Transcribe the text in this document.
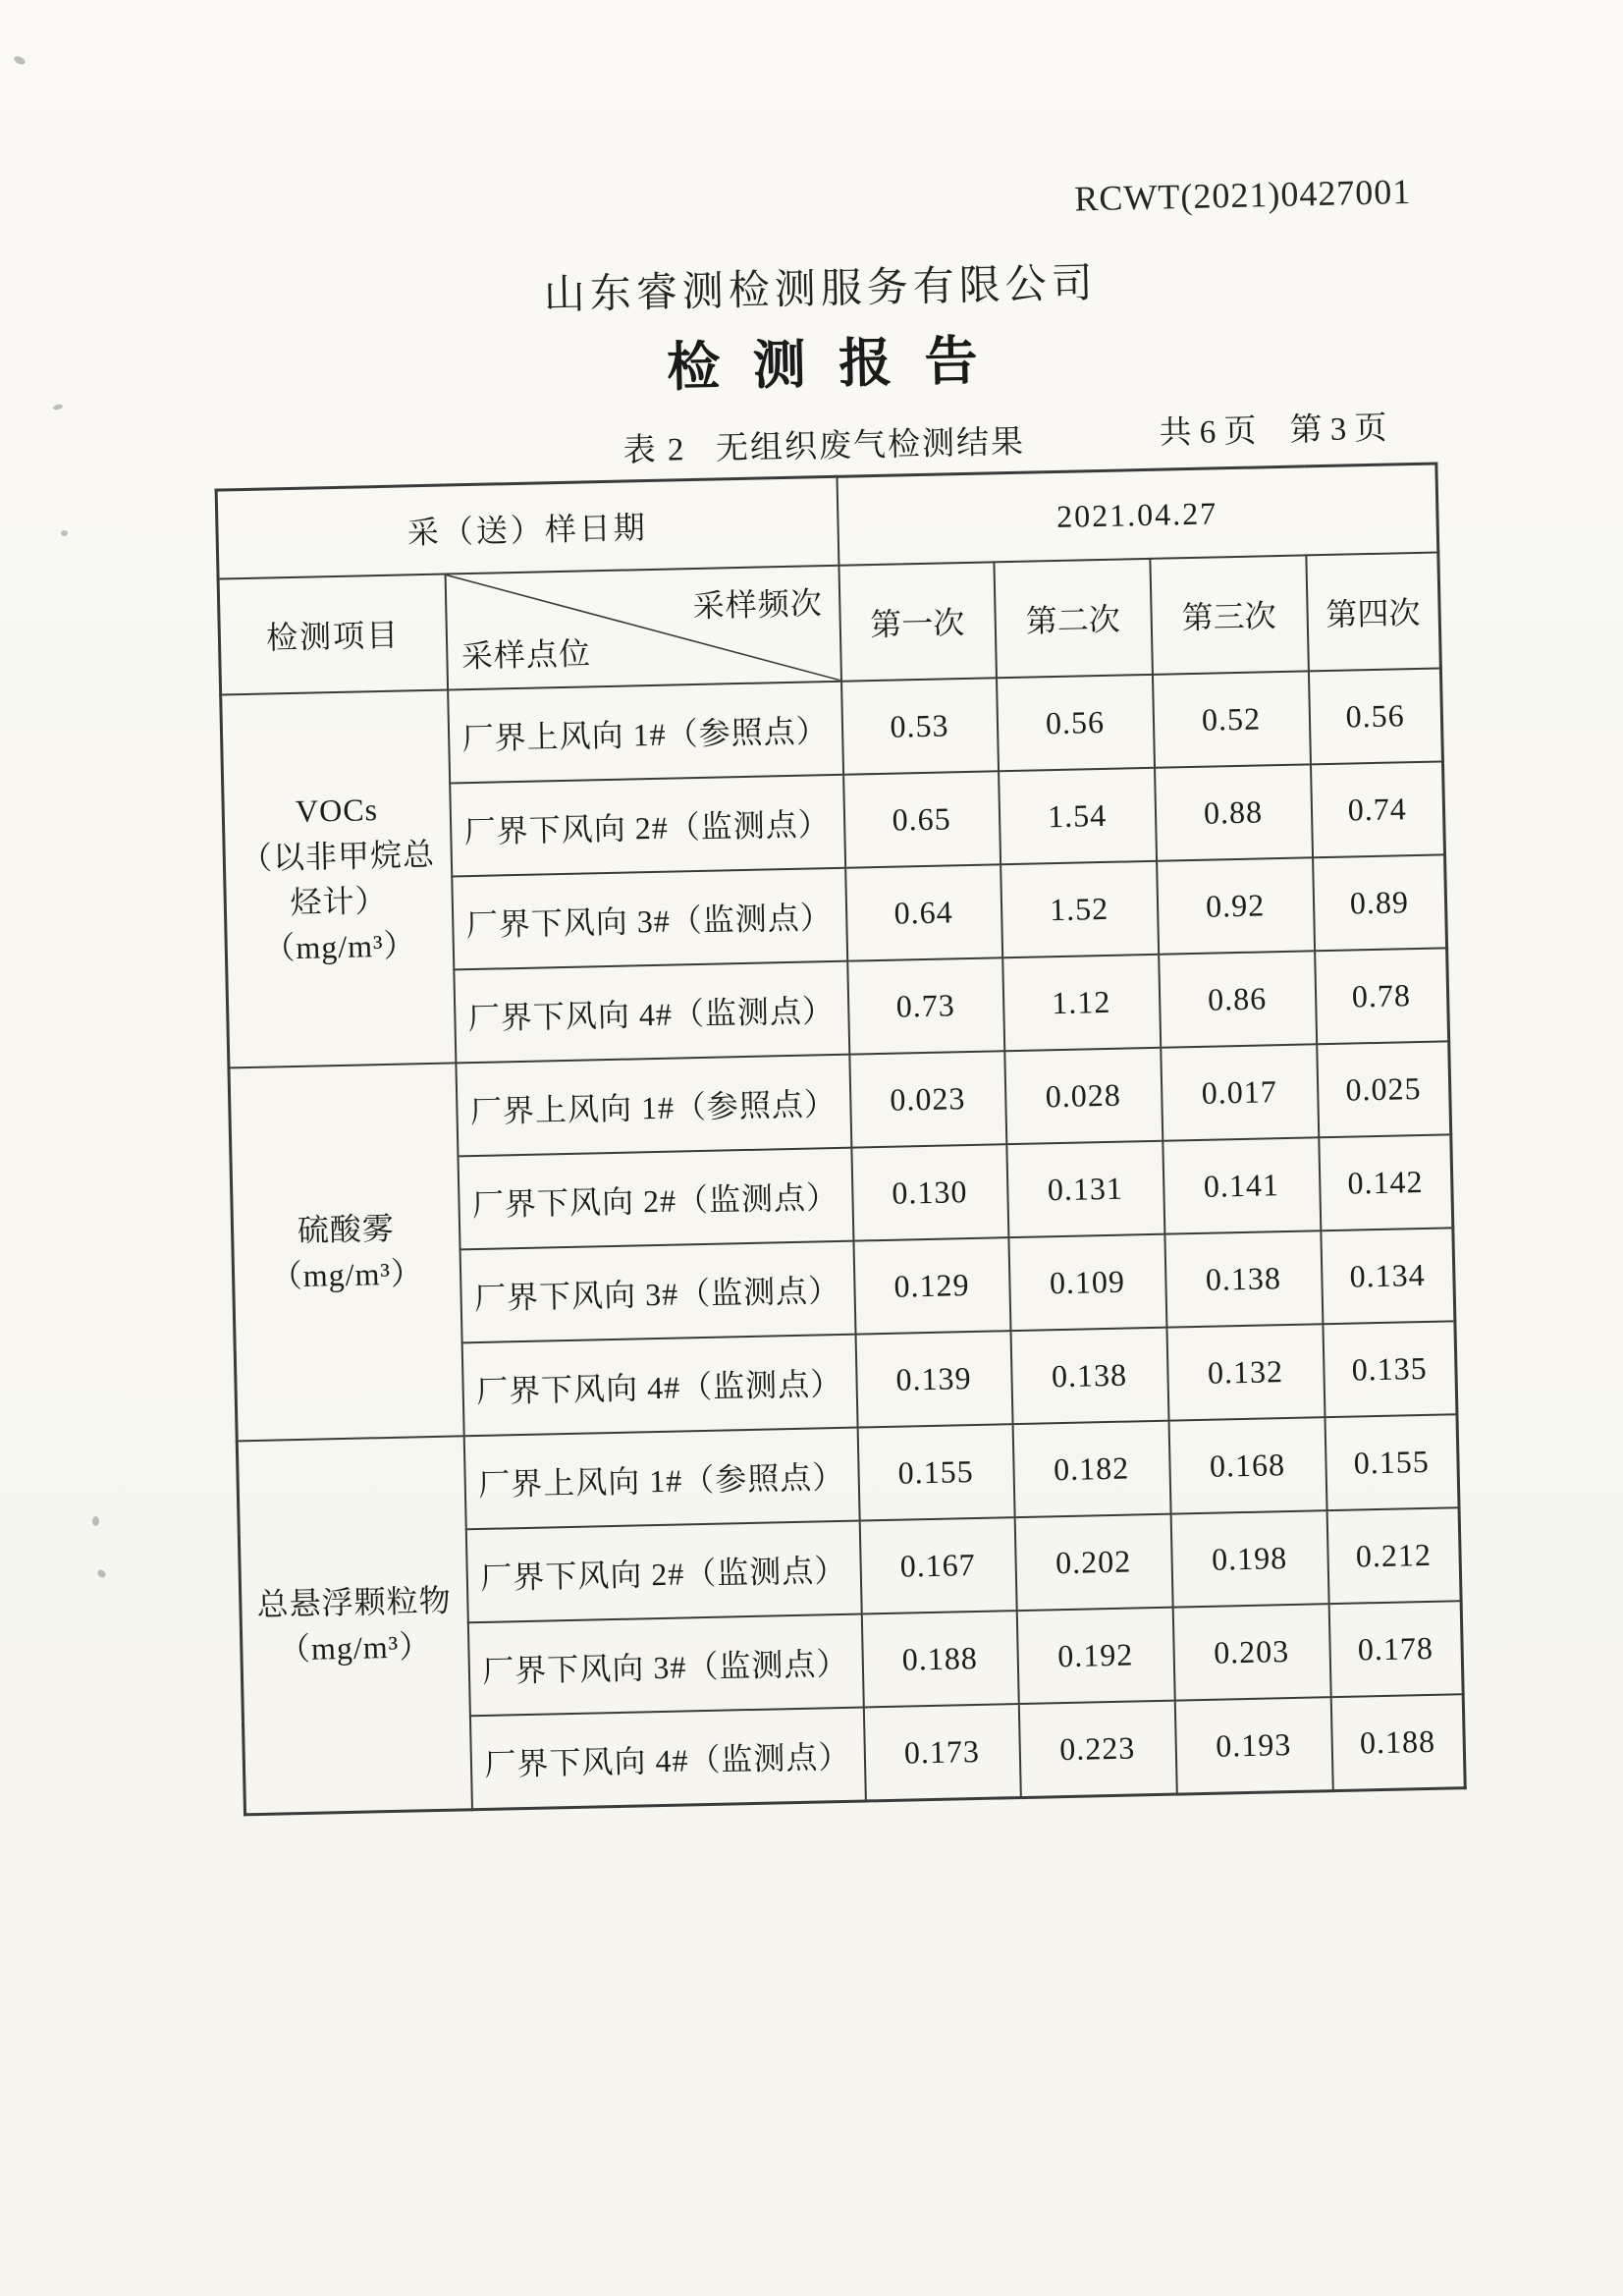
RCWT(2021)0427001
山东睿测检测服务有限公司
检测报告
表 2   无组织废气检测结果	共 6 页 第 3 页
采（送）样日期		2021.04.27			
检测项目	采样频次
采样点位	第一次	第二次	第三次	第四次
VOCs
（以非甲烷总
烃计）
（mg/m³）	厂界上风向 1#（参照点）	0.53	0.56	0.52	0.56
	厂界下风向 2#（监测点）	0.65	1.54	0.88	0.74
	厂界下风向 3#（监测点）	0.64	1.52	0.92	0.89
	厂界下风向 4#（监测点）	0.73	1.12	0.86	0.78
硫酸雾
（mg/m³）	厂界上风向 1#（参照点）	0.023	0.028	0.017	0.025
	厂界下风向 2#（监测点）	0.130	0.131	0.141	0.142
	厂界下风向 3#（监测点）	0.129	0.109	0.138	0.134
	厂界下风向 4#（监测点）	0.139	0.138	0.132	0.135
总悬浮颗粒物
（mg/m³）	厂界上风向 1#（参照点）	0.155	0.182	0.168	0.155
	厂界下风向 2#（监测点）	0.167	0.202	0.198	0.212
	厂界下风向 3#（监测点）	0.188	0.192	0.203	0.178
	厂界下风向 4#（监测点）	0.173	0.223	0.193	0.188
